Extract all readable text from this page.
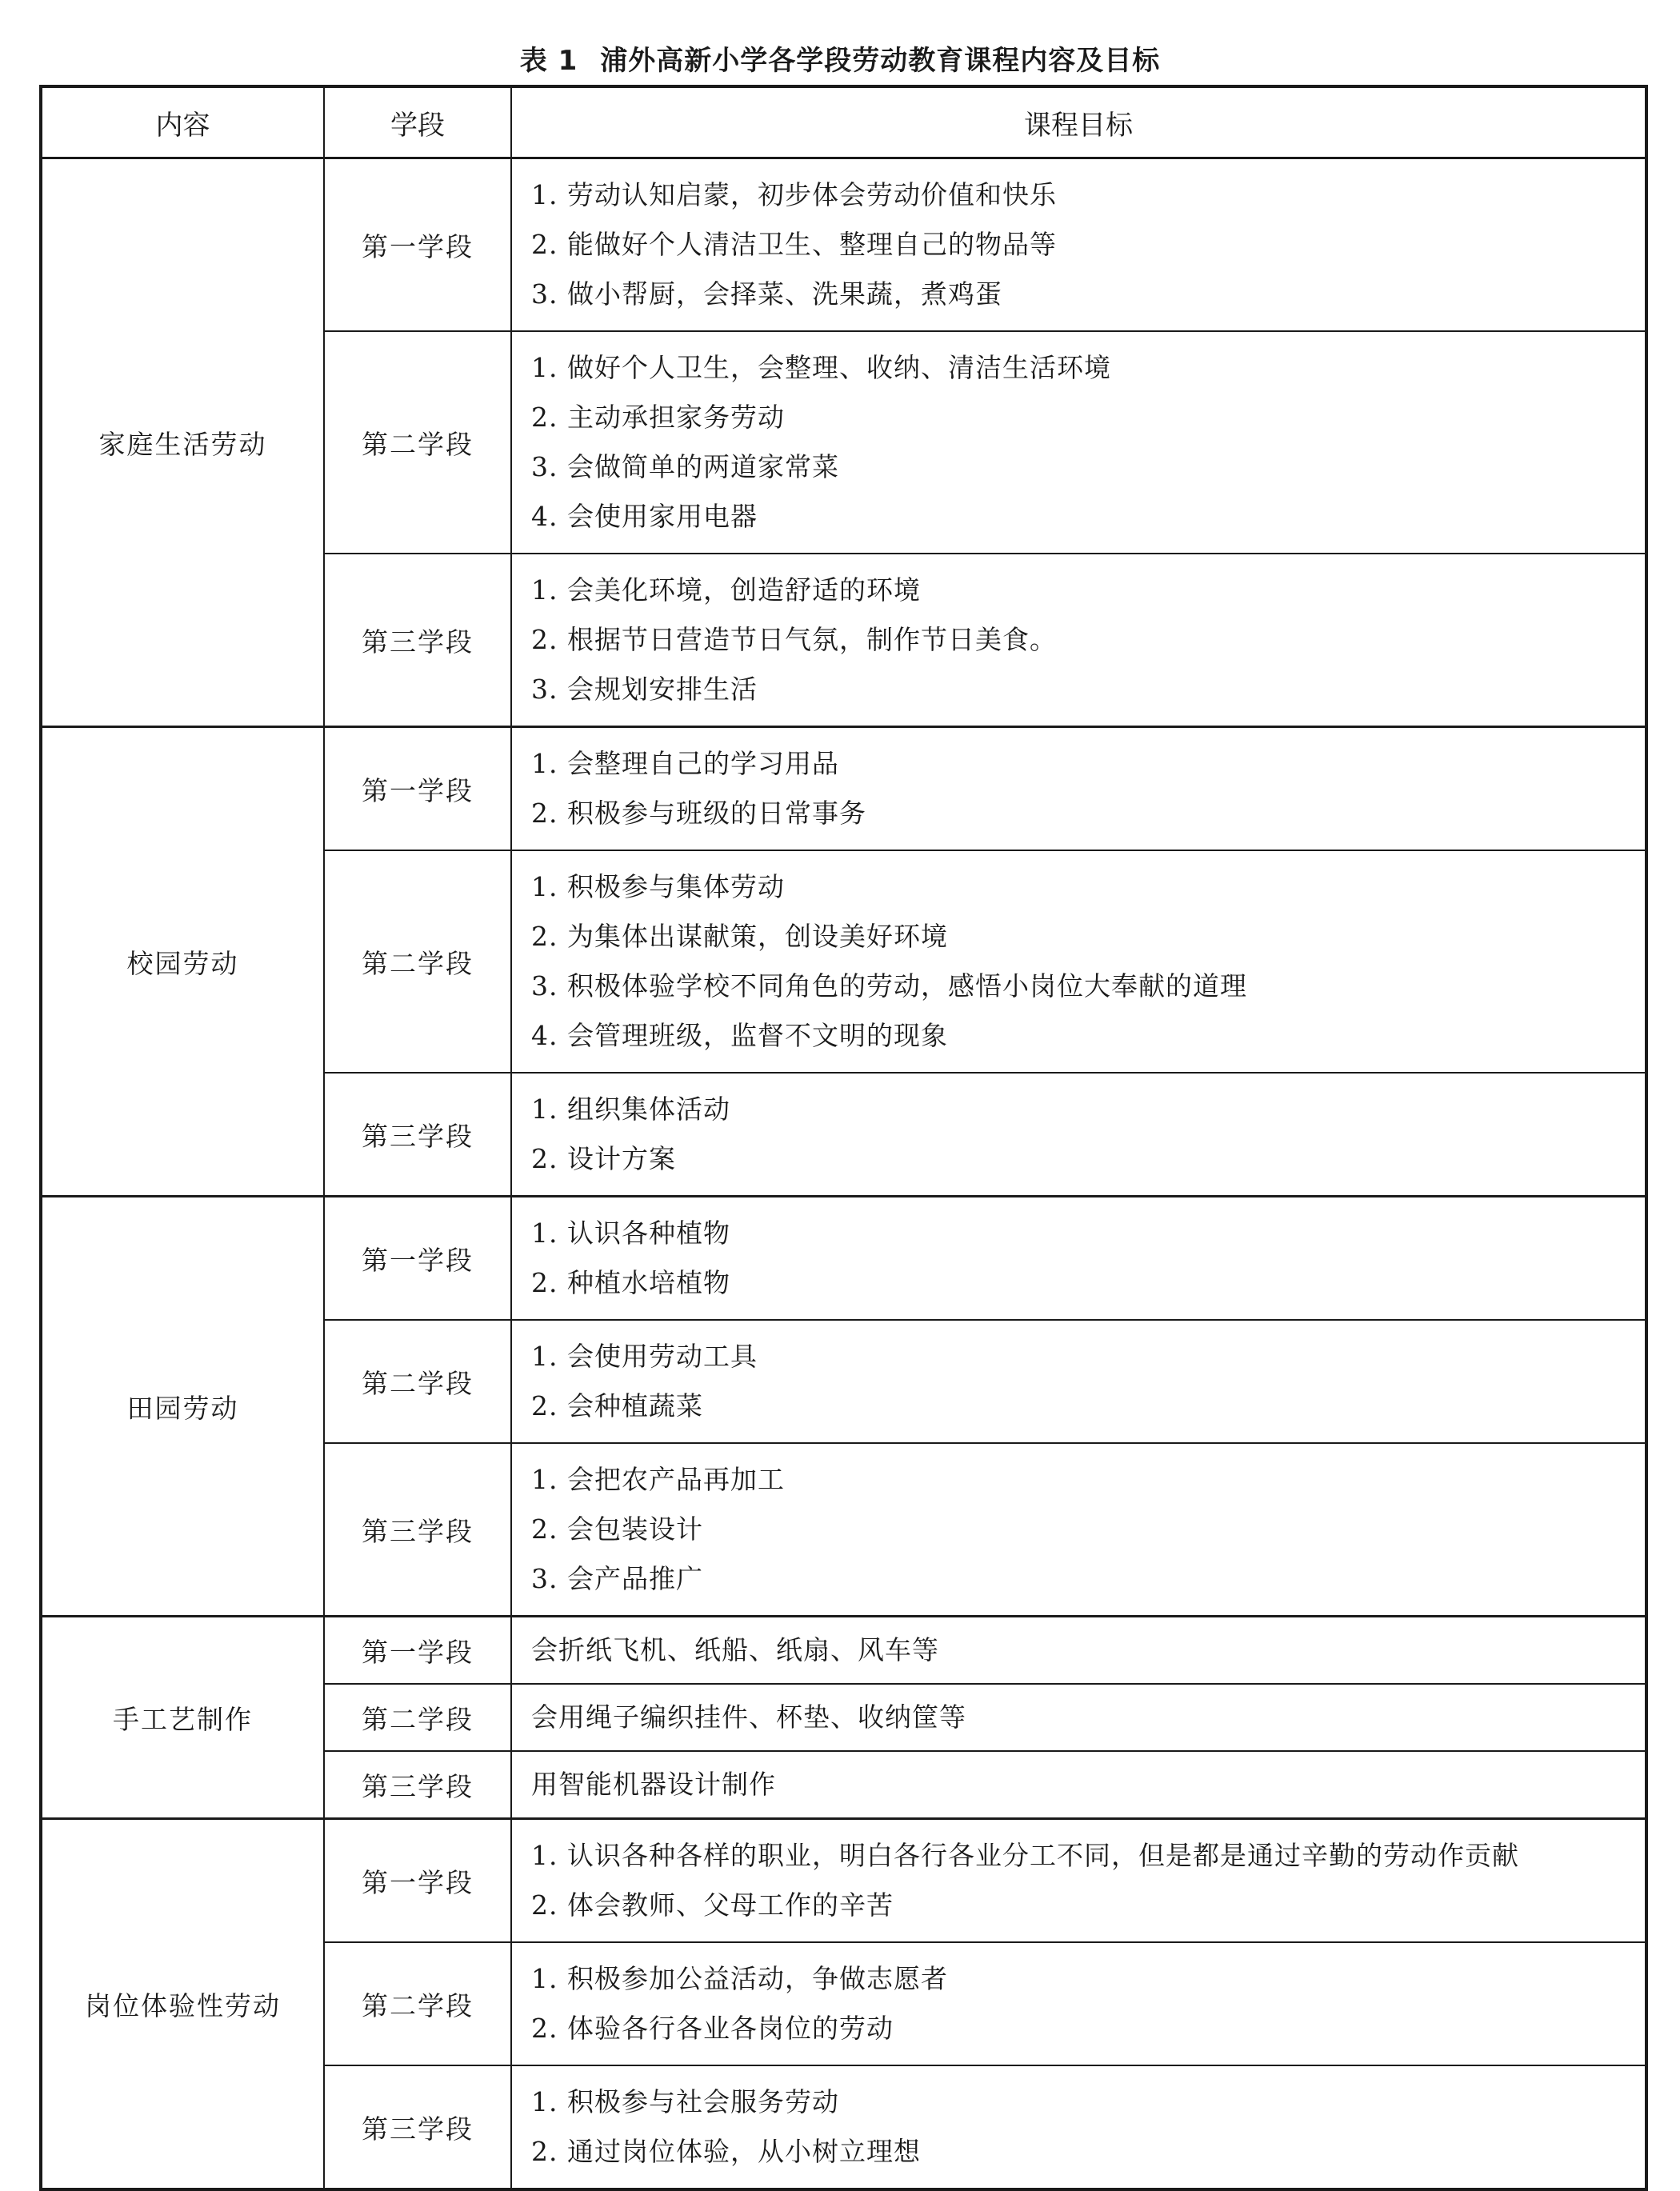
表 1 浦外高新小学各学段劳动教育课程内容及目标
内容	学段	课程目标
家庭生活劳动	第一学段	1. 劳动认知启蒙，初步体会劳动价值和快乐
2. 能做好个人清洁卫生、整理自己的物品等
3. 做小帮厨，会择菜、洗果蔬，煮鸡蛋

	第二学段	1. 做好个人卫生，会整理、收纳、清洁生活环境
2. 主动承担家务劳动
3. 会做简单的两道家常菜
4. 会使用家用电器

	第三学段	1. 会美化环境，创造舒适的环境
2. 根据节日营造节日气氛，制作节日美食。
3. 会规划安排生活

校园劳动	第一学段	1. 会整理自己的学习用品
2. 积极参与班级的日常事务

	第二学段	1. 积极参与集体劳动
2. 为集体出谋献策，创设美好环境
3. 积极体验学校不同角色的劳动，感悟小岗位大奉献的道理
4. 会管理班级，监督不文明的现象

	第三学段	1. 组织集体活动
2. 设计方案

田园劳动	第一学段	1. 认识各种植物
2. 种植水培植物

	第二学段	1. 会使用劳动工具
2. 会种植蔬菜

	第三学段	1. 会把农产品再加工
2. 会包装设计
3. 会产品推广

手工艺制作	第一学段	会折纸飞机、纸船、纸扇、风车等

	第二学段	会用绳子编织挂件、杯垫、收纳筐等

	第三学段	用智能机器设计制作

岗位体验性劳动	第一学段	1. 认识各种各样的职业，明白各行各业分工不同，但是都是通过辛勤的劳动作贡献
2. 体会教师、父母工作的辛苦

	第二学段	1. 积极参加公益活动，争做志愿者
2. 体验各行各业各岗位的劳动

	第三学段	1. 积极参与社会服务劳动
2. 通过岗位体验，从小树立理想
